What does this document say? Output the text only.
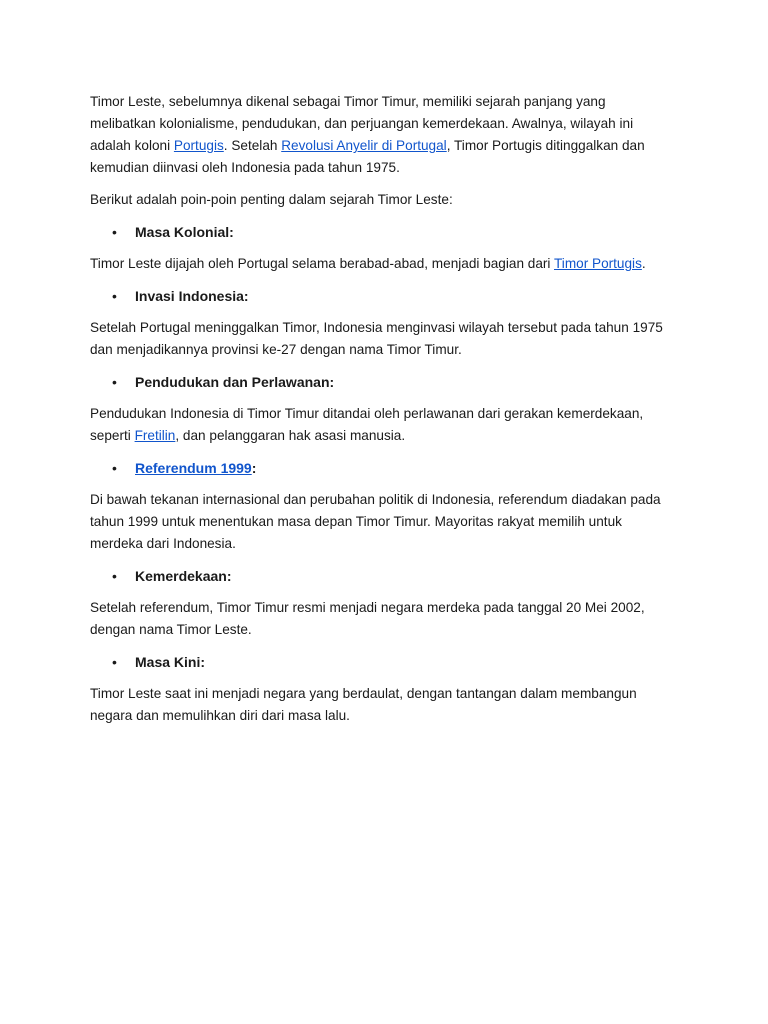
Timor Leste, sebelumnya dikenal sebagai Timor Timur, memiliki sejarah panjang yang melibatkan kolonialisme, pendudukan, dan perjuangan kemerdekaan. Awalnya, wilayah ini adalah koloni Portugis. Setelah Revolusi Anyelir di Portugal, Timor Portugis ditinggalkan dan kemudian diinvasi oleh Indonesia pada tahun 1975.

Berikut adalah poin-poin penting dalam sejarah Timor Leste:

• Masa Kolonial:

Timor Leste dijajah oleh Portugal selama berabad-abad, menjadi bagian dari Timor Portugis.

• Invasi Indonesia:

Setelah Portugal meninggalkan Timor, Indonesia menginvasi wilayah tersebut pada tahun 1975 dan menjadikannya provinsi ke-27 dengan nama Timor Timur.

• Pendudukan dan Perlawanan:

Pendudukan Indonesia di Timor Timur ditandai oleh perlawanan dari gerakan kemerdekaan, seperti Fretilin, dan pelanggaran hak asasi manusia.

• Referendum 1999:

Di bawah tekanan internasional dan perubahan politik di Indonesia, referendum diadakan pada tahun 1999 untuk menentukan masa depan Timor Timur. Mayoritas rakyat memilih untuk merdeka dari Indonesia.

• Kemerdekaan:

Setelah referendum, Timor Timur resmi menjadi negara merdeka pada tanggal 20 Mei 2002, dengan nama Timor Leste.

• Masa Kini:

Timor Leste saat ini menjadi negara yang berdaulat, dengan tantangan dalam membangun negara dan memulihkan diri dari masa lalu.
